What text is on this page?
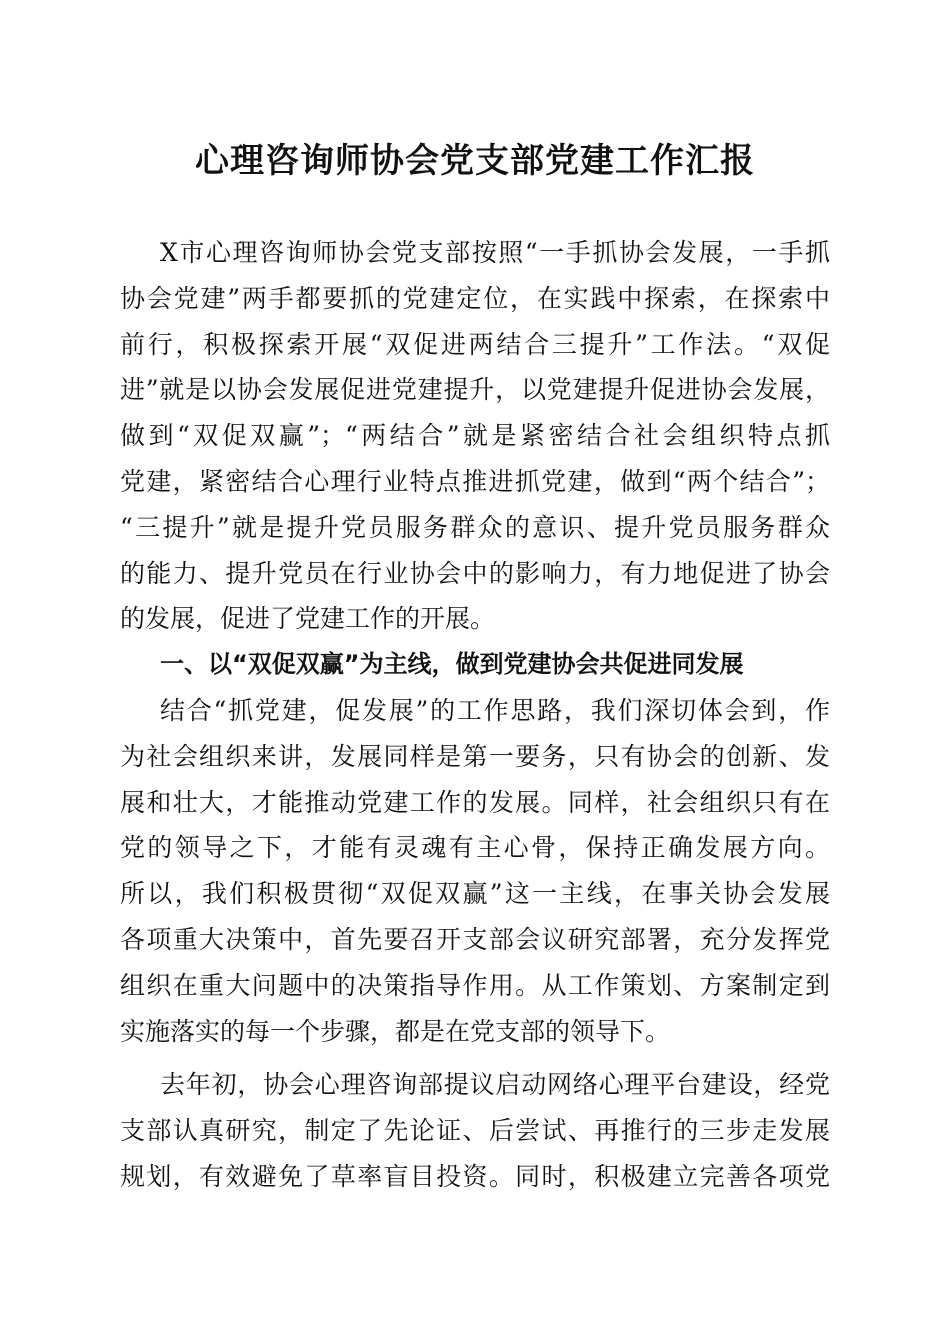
心理咨询师协会党支部党建工作汇报
X市心理咨询师协会党支部按照“一手抓协会发展，一手抓
协会党建”两手都要抓的党建定位，在实践中探索，在探索中
前行，积极探索开展“双促进两结合三提升”工作法。“双促
进”就是以协会发展促进党建提升，以党建提升促进协会发展，
做到“双促双赢”；“两结合”就是紧密结合社会组织特点抓
党建，紧密结合心理行业特点推进抓党建，做到“两个结合”；
“三提升”就是提升党员服务群众的意识、提升党员服务群众
的能力、提升党员在行业协会中的影响力，有力地促进了协会
的发展，促进了党建工作的开展。
一、以“双促双赢”为主线，做到党建协会共促进同发展
结合“抓党建，促发展”的工作思路，我们深切体会到，作
为社会组织来讲，发展同样是第一要务，只有协会的创新、发
展和壮大，才能推动党建工作的发展。同样，社会组织只有在
党的领导之下，才能有灵魂有主心骨，保持正确发展方向。
所以，我们积极贯彻“双促双赢”这一主线，在事关协会发展
各项重大决策中，首先要召开支部会议研究部署，充分发挥党
组织在重大问题中的决策指导作用。从工作策划、方案制定到
实施落实的每一个步骤，都是在党支部的领导下。
去年初，协会心理咨询部提议启动网络心理平台建设，经党
支部认真研究，制定了先论证、后尝试、再推行的三步走发展
规划，有效避免了草率盲目投资。同时，积极建立完善各项党
